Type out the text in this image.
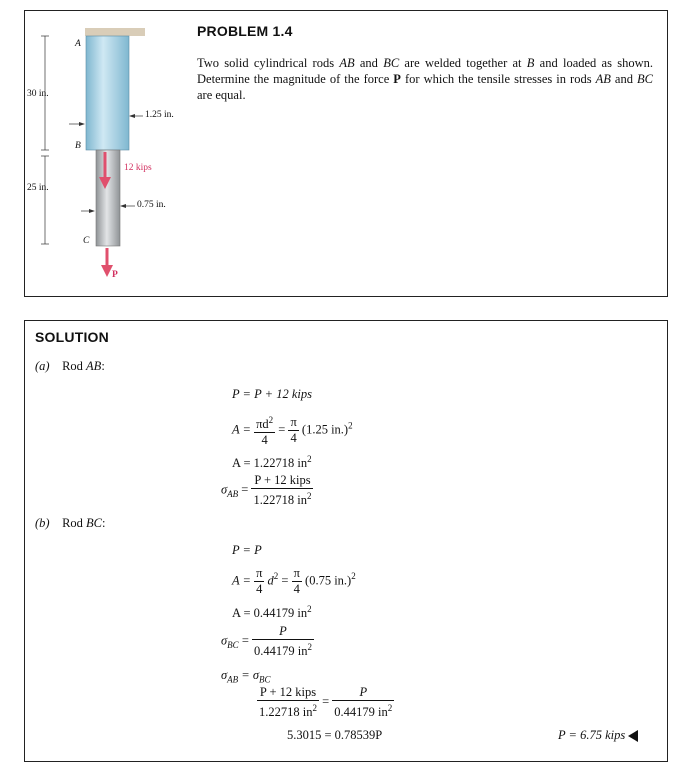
A
B
C
30 in.
25 in.
1.25 in.
0.75 in.
12 kips
P
PROBLEM 1.4
Two solid cylindrical rods AB and BC are welded together at B and loaded as shown. Determine the magnitude of the force P for which the tensile stresses in rods AB and BC are equal.
SOLUTION
(a) Rod AB:
P = P + 12 kips
$A = \frac{\pi d^2}{4} = \frac{\pi}{4} (1.25$ in.)$^2$
A = 1.22718 $in^2$
$\sigma_{AB} = \frac{\text{P + 12 kips}}{1.22718 in^2}$
(b) Rod BC:
P = P
$A = \frac{\pi}{4} d^2 = \frac{\pi}{4} (0.75$ in.)$^2$
A = 0.44179 $in^2$
$\sigma_{BC} = \frac{P}{0.44179 in^2}$
$\sigma_{AB} = \sigma_{BC}$
$\frac{\text{P + 12 kips}}{1.22718 in^2} = \frac{P}{0.44179 in^2}$
5.3015 = 0.78539P	P = 6.75 kips
